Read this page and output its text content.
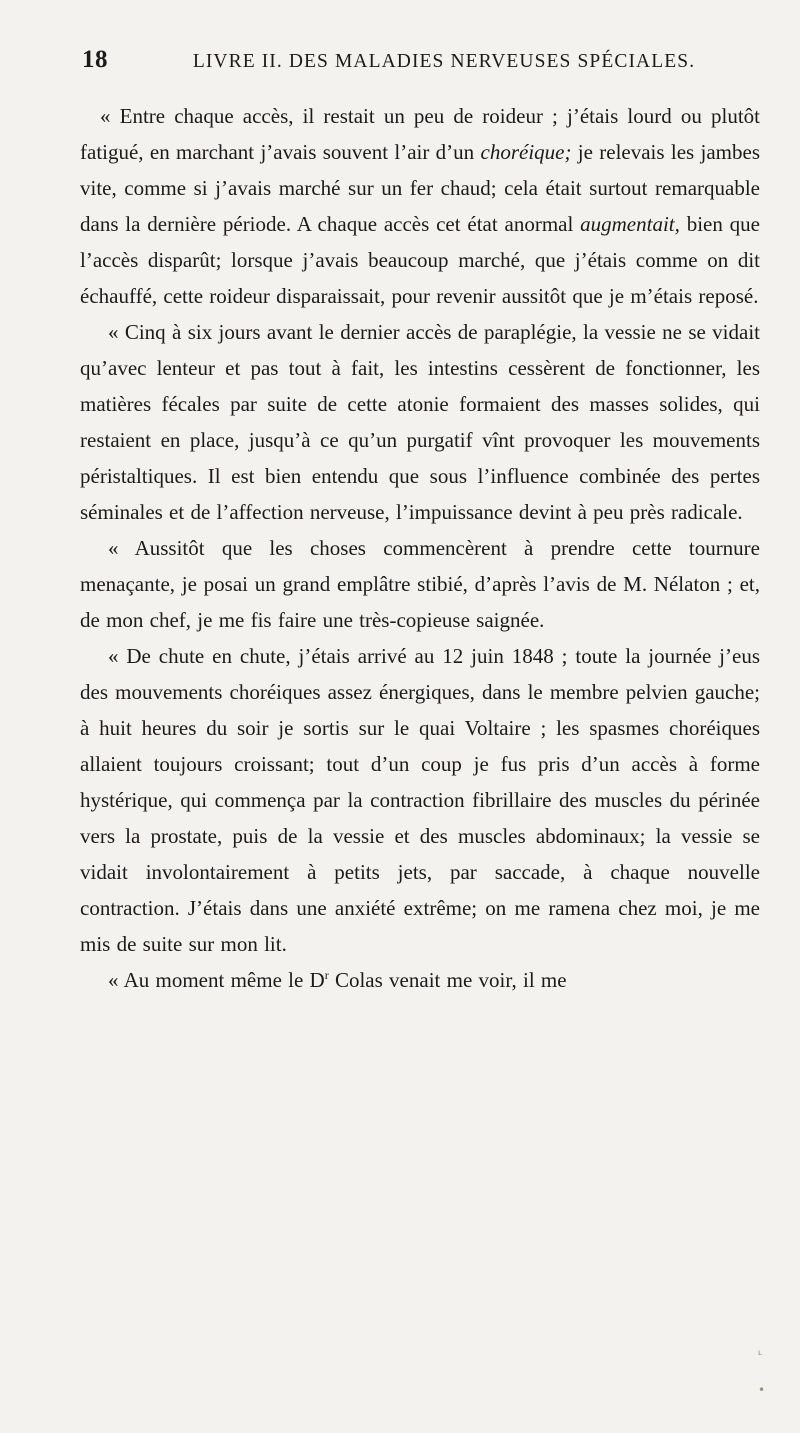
18	LIVRE II. DES MALADIES NERVEUSES SPÉCIALES.

« Entre chaque accès, il restait un peu de roideur ; j’étais lourd ou plutôt fatigué, en marchant j’avais souvent l’air d’un choréique; je relevais les jambes vite, comme si j’avais marché sur un fer chaud; cela était surtout remarquable dans la dernière période. A chaque accès cet état anormal augmentait, bien que l’accès disparût; lorsque j’avais beaucoup marché, que j’étais comme on dit échauffé, cette roideur disparaissait, pour revenir aussitôt que je m’étais reposé.

« Cinq à six jours avant le dernier accès de paraplégie, la vessie ne se vidait qu’avec lenteur et pas tout à fait, les intestins cessèrent de fonctionner, les matières fécales par suite de cette atonie formaient des masses solides, qui restaient en place, jusqu’à ce qu’un purgatif vînt provoquer les mouvements péristaltiques. Il est bien entendu que sous l’influence combinée des pertes séminales et de l’affection nerveuse, l’impuissance devint à peu près radicale.

« Aussitôt que les choses commencèrent à prendre cette tournure menaçante, je posai un grand emplâtre stibié, d’après l’avis de M. Nélaton ; et, de mon chef, je me fis faire une très-copieuse saignée.

« De chute en chute, j’étais arrivé au 12 juin 1848 ; toute la journée j’eus des mouvements choréiques assez énergiques, dans le membre pelvien gauche; à huit heures du soir je sortis sur le quai Voltaire ; les spasmes choréiques allaient toujours croissant; tout d’un coup je fus pris d’un accès à forme hystérique, qui commença par la contraction fibrillaire des muscles du périnée vers la prostate, puis de la vessie et des muscles abdominaux; la vessie se vidait involontairement à petits jets, par saccade, à chaque nouvelle contraction. J’étais dans une anxiété extrême; on me ramena chez moi, je me mis de suite sur mon lit.

« Au moment même le $D^r$ Colas venait me voir, il me

ᴸ
•
